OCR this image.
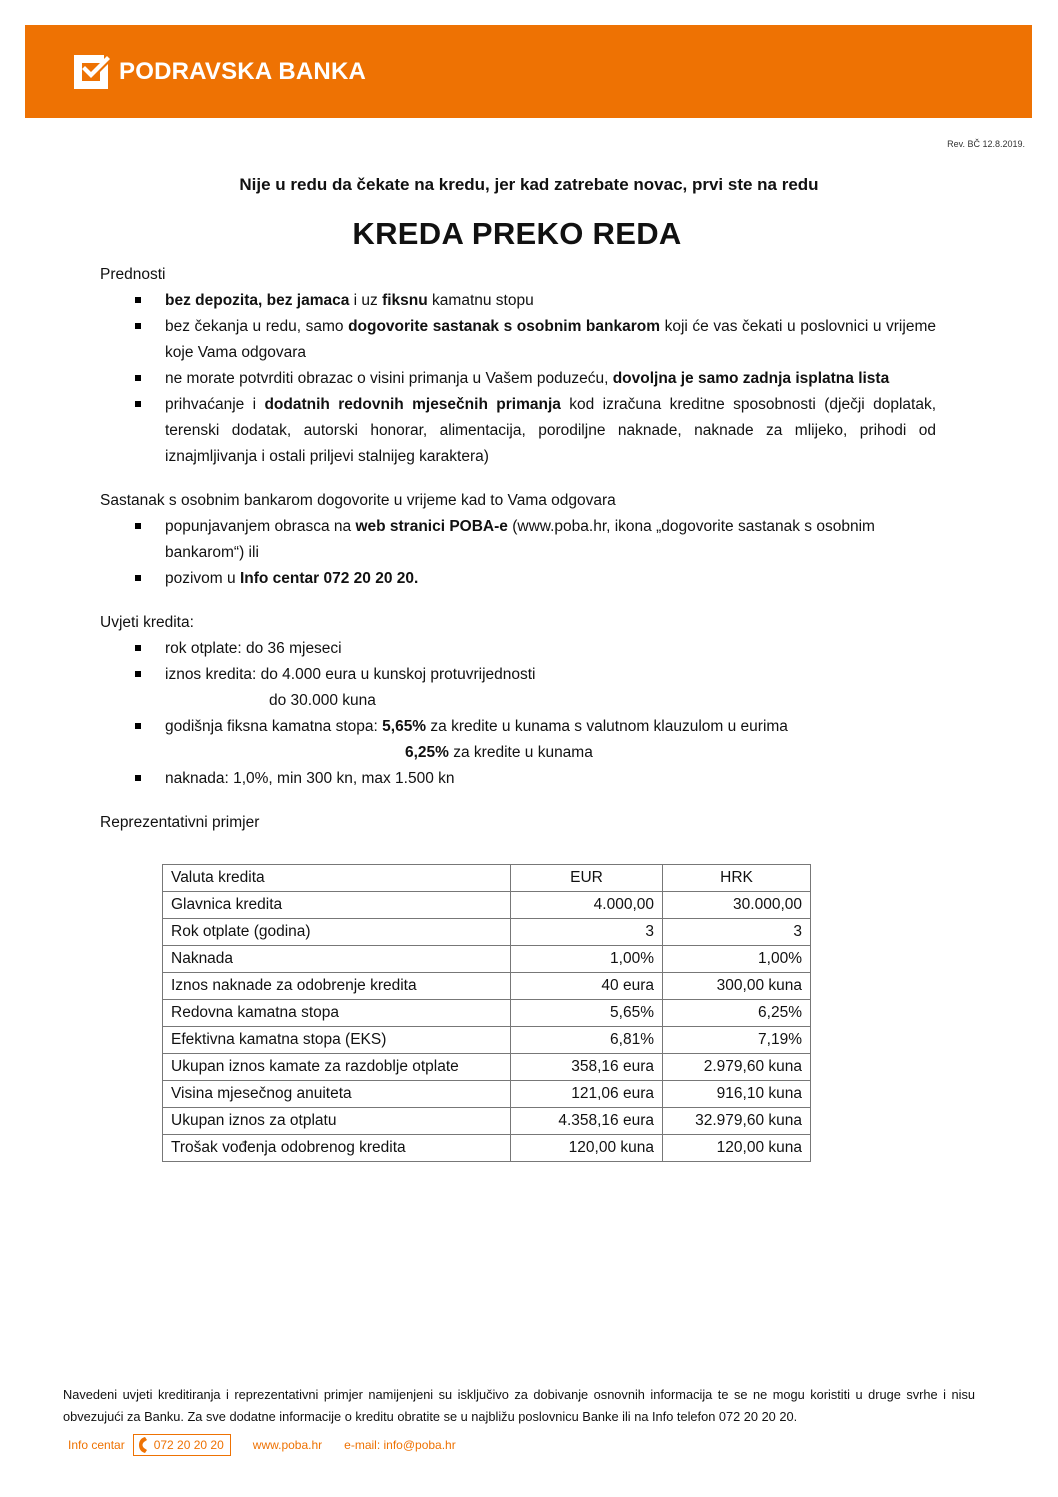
PODRAVSKA BANKA
Rev. BČ 12.8.2019.
Nije u redu da čekate na kredu, jer kad zatrebate novac, prvi ste na redu
KREDA PREKO REDA

Prednosti

bez depozita, bez jamaca i uz fiksnu kamatnu stopu
bez čekanja u redu, samo dogovorite sastanak s osobnim bankarom koji će vas čekati u poslovnici u vrijeme koje Vama odgovara
ne morate potvrditi obrazac o visini primanja u Vašem poduzeću, dovoljna je samo zadnja isplatna lista
prihvaćanje i dodatnih redovnih mjesečnih primanja kod izračuna kreditne sposobnosti (dječji doplatak, terenski dodatak, autorski honorar, alimentacija, porodiljne naknade, naknade za mlijeko, prihodi od iznajmljivanja i ostali priljevi stalnijeg karaktera)

Sastanak s osobnim bankarom dogovorite u vrijeme kad to Vama odgovara

popunjavanjem obrasca na web stranici POBA-e (www.poba.hr, ikona „dogovorite sastanak s osobnim bankarom“) ili
pozivom u Info centar 072 20 20 20.

Uvjeti kredita:

rok otplate: do 36 mjeseci
iznos kredita: do 4.000 eura u kunskoj protuvrijednosti
do 30.000 kuna
godišnja fiksna kamatna stopa: 5,65% za kredite u kunama s valutnom klauzulom u eurima
6,25% za kredite u kunama
naknada: 1,0%, min 300 kn, max 1.500 kn

Reprezentativni primjer

Valuta kredita	EUR	HRK
Glavnica kredita	4.000,00	30.000,00
Rok otplate (godina)	3	3
Naknada	1,00%	1,00%
Iznos naknade za odobrenje kredita	40 eura	300,00 kuna
Redovna kamatna stopa	5,65%	6,25%
Efektivna kamatna stopa (EKS)	6,81%	7,19%
Ukupan iznos kamate za razdoblje otplate	358,16 eura	2.979,60 kuna
Visina mjesečnog anuiteta	121,06 eura	916,10 kuna
Ukupan iznos za otplatu	4.358,16 eura	32.979,60 kuna
Trošak vođenja odobrenog kredita	120,00 kuna	120,00 kuna
Navedeni uvjeti kreditiranja i reprezentativni primjer namijenjeni su isključivo za dobivanje osnovnih informacija te se ne mogu koristiti u druge svrhe i nisu obvezujući za Banku. Za sve dodatne informacije o kreditu obratite se u najbližu poslovnicu Banke ili na Info telefon 072 20 20 20.
Info centar 072 20 20 20 www.poba.hr e-mail: info@poba.hr
